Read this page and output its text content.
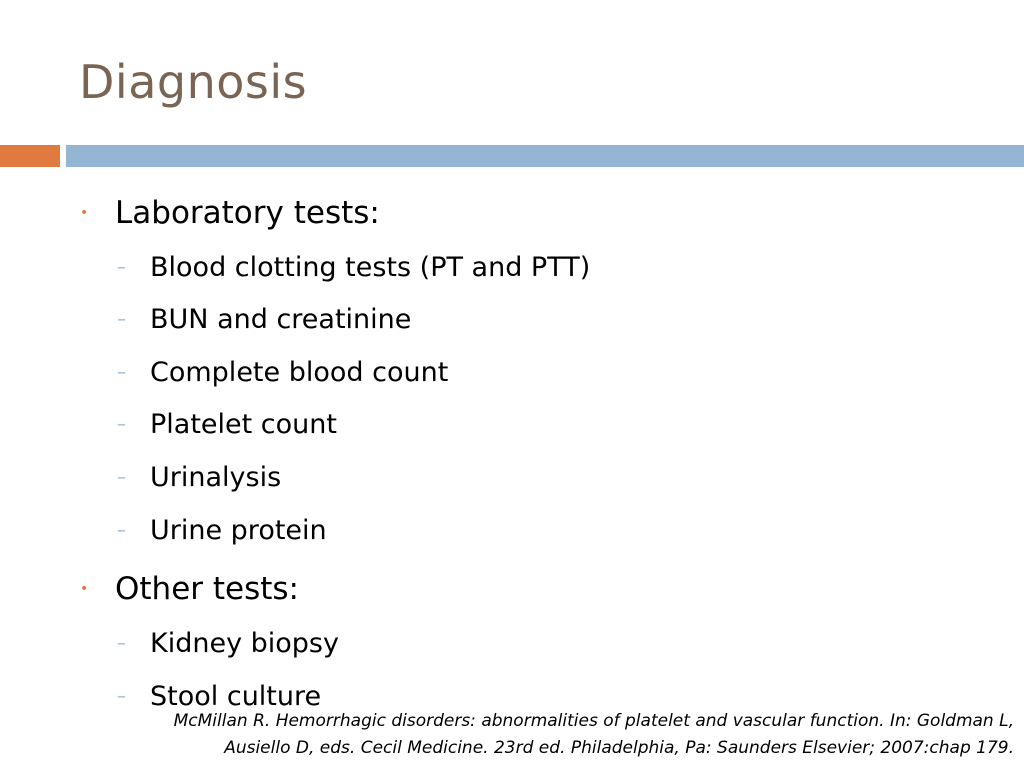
Diagnosis
• Laboratory tests:
– Blood clotting tests (PT and PTT)
– BUN and creatinine
– Complete blood count
– Platelet count
– Urinalysis
– Urine protein
• Other tests:
– Kidney biopsy
– Stool culture
McMillan R. Hemorrhagic disorders: abnormalities of platelet and vascular function. In: Goldman L,
Ausiello D, eds. Cecil Medicine. 23rd ed. Philadelphia, Pa: Saunders Elsevier; 2007:chap 179.
